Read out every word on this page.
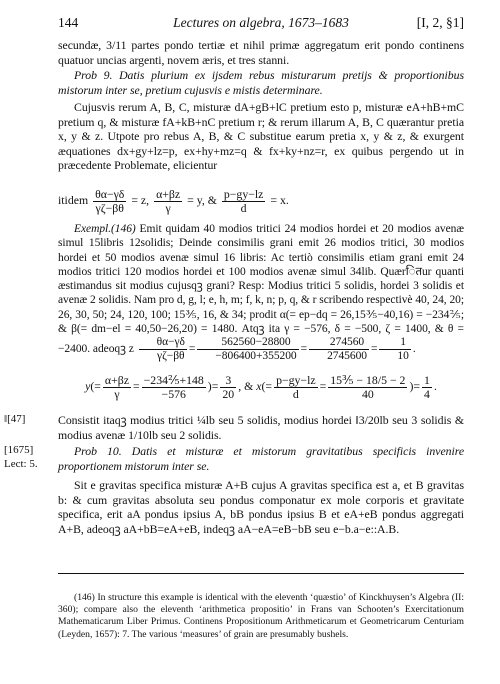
144	Lectures on algebra, 1673–1683	[I, 2, §1]

secundæ, 3/11 partes pondo tertiæ et nihil primæ aggregatum erit pondo continens quatuor uncias argenti, novem æris, et tres stanni.

Prob 9. Datis plurium ex ijsdem rebus misturarum pretijs & proportionibus mistorum inter se, pretium cujusvis e mistis determinare.

Cujusvis rerum A, B, C, misturæ dA+gB+lC pretium esto p, misturæ eA+hB+mC pretium q, & misturæ fA+kB+nC pretium r; & rerum illarum A, B, C quærantur pretia x, y & z. Utpote pro rebus A, B, & C substitue earum pretia x, y & z, & exurgent æquationes dx+gy+lz=p, ex+hy+mz=q & fx+ky+nz=r, ex quibus pergendo ut in præcedente Problemate, elicientur

itidem $\frac{\theta\alpha-\gamma\delta}{\gamma\zeta-\beta\theta} = z$, $\frac{\alpha+\beta z}{\gamma} = y$, & $\frac{p-gy-lz}{d} = x$.

Exempl.(146) Emit quidam 40 modios tritici 24 modios hordei et 20 modios avenæ simul 15libris 12solidis; Deinde consimilis grani emit 26 modios tritici, 30 modios hordei et 50 modios avenæ simul 16 libris: Ac tertiò consimilis etiam grani emit 24 modios tritici 120 modios hordei et 100 modios avenæ simul 34lib. Quærितur quanti æstimandus sit modius cujusqꝫ grani? Resp: Modius tritici 5 solidis, hordei 3 solidis et avenæ 2 solidis. Nam pro d, g, l; e, h, m; f, k, n; p, q, & r scribendo respectivè 40, 24, 20; 26, 30, 50; 24, 120, 100; 15⅗, 16, & 34; prodit α(= ep−dq = 26,15⅗−40,16) = −234⅖; & β(= dm−el = 40,50−26,20) = 1480. Atqꝫ ita γ = −576, δ = −500, ζ = 1400, & θ = −2400. adeoqꝫ z $\frac{\theta\alpha-\gamma\delta}{\gamma\zeta-\beta\theta} = \frac{562560-28800}{-806400+355200} = \frac{274560}{2745600} = \frac{1}{10}$ .

$y(= \frac{\alpha+\beta z}{\gamma} = \frac{\text{−234⅖+148}}{-576}$ )= $\frac{3}{20}$ , & $x(= \frac{p-gy-lz}{d} = \frac{\text{15⅗ − 18/5 − 2}}{40}$ )= $\frac{1}{4}$ .
‖[47]	Consistit itaqꝫ modius tritici ¼lb seu 5 solidis, modius hordei ‖3/20lb seu 3 solidis & modius avenæ 1/10lb seu 2 solidis.

[1675]
Lect: 5.

Prob 10. Datis et misturæ et mistorum gravitatibus specificis invenire proportionem mistorum inter se.

Sit e gravitas specifica misturæ A+B cujus A gravitas specifica est a, et B gravitas b: & cum gravitas absoluta seu pondus componatur ex mole corporis et gravitate specifica, erit aA pondus ipsius A, bB pondus ipsius B et eA+eB pondus aggregati A+B, adeoqꝫ aA+bB=eA+eB, indeqꝫ aA−eA=eB−bB seu e−b.a−e::A.B.

(146) In structure this example is identical with the eleventh ‘quæstio’ of Kinckhuysen’s Algebra (II: 360); compare also the eleventh ‘arithmetica propositio’ in Frans van Schooten’s Exercitationum Mathematicarum Liber Primus. Continens Propositionum Arithmeticarum et Geometricarum Centuriam (Leyden, 1657): 7. The various ‘measures’ of grain are presumably bushels.
